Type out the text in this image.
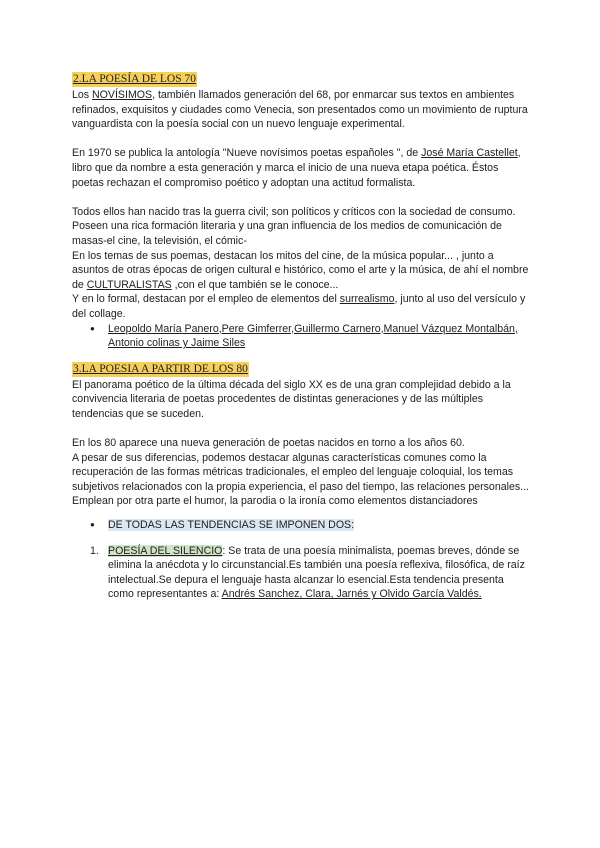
2.LA POESÍA DE LOS 70

Los NOVÍSIMOS, también llamados generación del 68, por enmarcar sus textos en ambientes refinados, exquisitos y ciudades como Venecia, son presentados como un movimiento de ruptura vanguardista con la poesía social con un nuevo lenguaje experimental.

En 1970 se publica la antología "Nueve novísimos poetas españoles ", de José María Castellet, libro que da nombre a esta generación y marca el inicio de una nueva etapa poética. Éstos poetas rechazan el compromiso poético y adoptan una actitud formalista.

Todos ellos han nacido tras la guerra civil; son políticos y críticos con la sociedad de consumo.

Poseen una rica formación literaria y una gran influencia de los medios de comunicación de masas-el cine, la televisión, el cómic-

En los temas de sus poemas, destacan los mitos del cine, de la música popular... , junto a asuntos de otras épocas de origen cultural e histórico, como el arte y la música, de ahí el nombre de CULTURALISTAS ,con el que también se le conoce...

Y en lo formal, destacan por el empleo de elementos del surrealismo, junto al uso del versículo y del collage.

● Leopoldo María Panero,Pere Gimferrer,Guillermo Carnero,Manuel Vázquez Montalbán, Antonio colinas y Jaime Siles
3.LA POESIA A PARTIR DE LOS 80

El panorama poético de la última década del siglo XX es de una gran complejidad debido a la convivencia literaria de poetas procedentes de distintas generaciones y de las múltiples tendencias que se suceden.

En los 80 aparece una nueva generación de poetas nacidos en torno a los años 60.

A pesar de sus diferencias, podemos destacar algunas características comunes como la recuperación de las formas métricas tradicionales, el empleo del lenguaje coloquial, los temas subjetivos relacionados con la propia experiencia, el paso del tiempo, las relaciones personales...

Emplean por otra parte el humor, la parodia o la ironía como elementos distanciadores

● DE TODAS LAS TENDENCIAS SE IMPONEN DOS:
1. POESÍA DEL SILENCIO: Se trata de una poesía minimalista, poemas breves, dónde se elimina la anécdota y lo circunstancial.Es también una poesía reflexiva, filosófica, de raíz intelectual.Se depura el lenguaje hasta alcanzar lo esencial.Esta tendencia presenta como representantes a: Andrés Sanchez, Clara, Jarnés y Olvido García Valdés.
